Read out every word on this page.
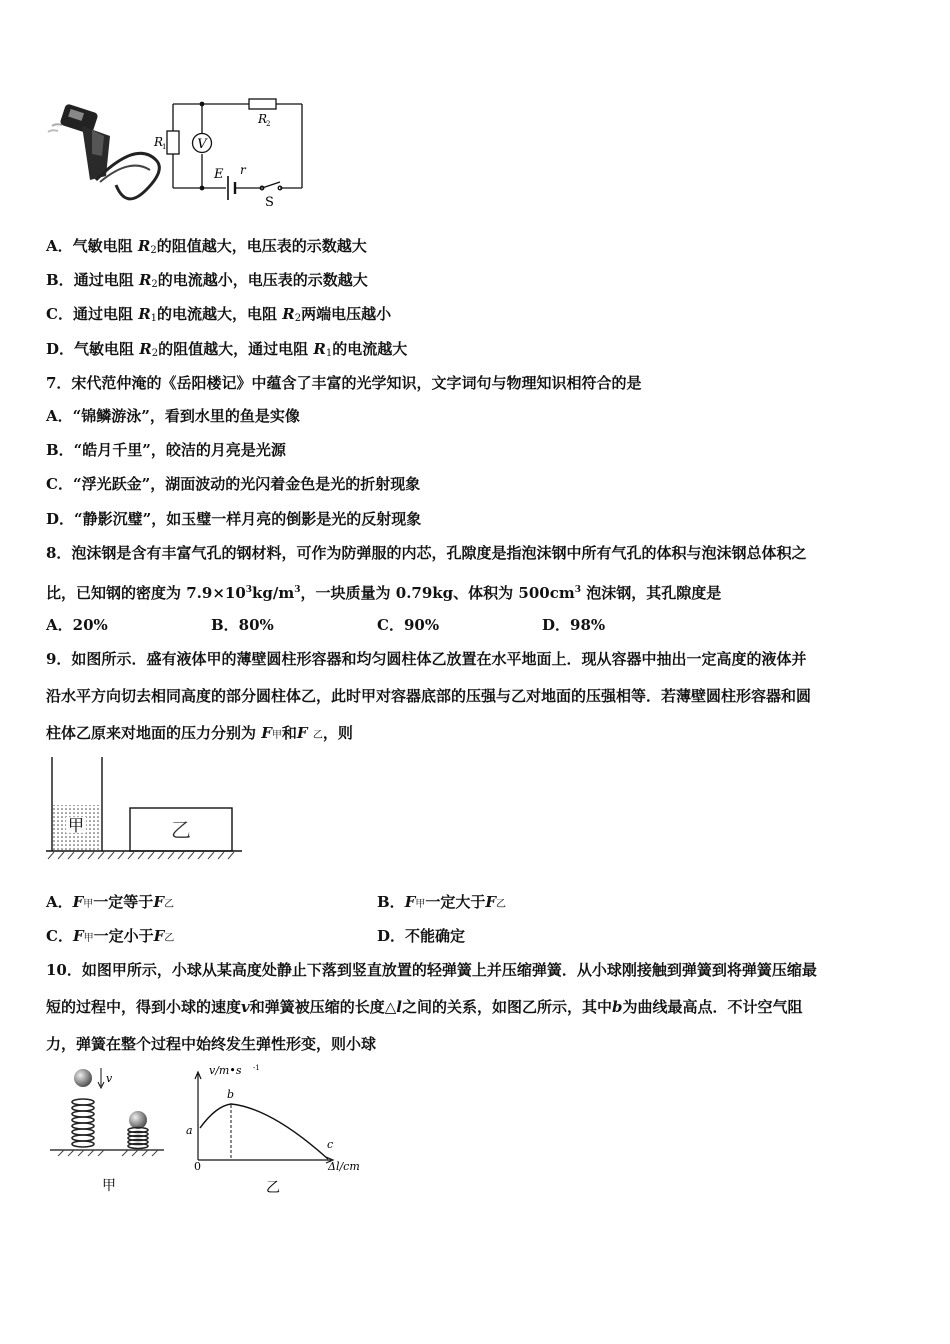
V
R
1
R
2
E r
S
A．气敏电阻 $R_2$的阻值越大，电压表的示数越大
B．通过电阻 $R_2$的电流越小，电压表的示数越大
C．通过电阻 $R_1$的电流越大，电阻 $R_2$两端电压越小
D．气敏电阻 $R_2$的阻值越大，通过电阻 $R_1$的电流越大
7．宋代范仲淹的《岳阳楼记》中蕴含了丰富的光学知识，文字词句与物理知识相符合的是
A．“锦鳞游泳”，看到水里的鱼是实像
B．“皓月千里”，皎洁的月亮是光源
C．“浮光跃金”，湖面波动的光闪着金色是光的折射现象
D．“静影沉璧”，如玉璧一样月亮的倒影是光的反射现象
8．泡沫钢是含有丰富气孔的钢材料，可作为防弹服的内芯，孔隙度是指泡沫钢中所有气孔的体积与泡沫钢总体积之
比，已知钢的密度为 $7.9\times 10^3kg/m^3$，一块质量为 0.79kg、体积为 $500cm^3$ 泡沫钢，其孔隙度是
A．20%	B．80%	C．90%	D．98%
9．如图所示．盛有液体甲的薄壁圆柱形容器和均匀圆柱体乙放置在水平地面上．现从容器中抽出一定高度的液体并
沿水平方向切去相同高度的部分圆柱体乙，此时甲对容器底部的压强与乙对地面的压强相等．若薄壁圆柱形容器和圆
柱体乙原来对地面的压力分别为 F甲和F 乙，则
甲	乙
A．F甲一定等于F乙	B．F甲一定大于F乙
C．F甲一定小于F乙	D．不能确定
10．如图甲所示，小球从某高度处静止下落到竖直放置的轻弹簧上并压缩弹簧．从小球刚接触到弹簧到将弹簧压缩最
短的过程中，得到小球的速度v和弹簧被压缩的长度△l之间的关系，如图乙所示，其中b为曲线最高点．不计空气阻
力，弹簧在整个过程中始终发生弹性形变，则小球
v
甲
v/m•s -1
Δl/cm
a
b
c
0
乙
